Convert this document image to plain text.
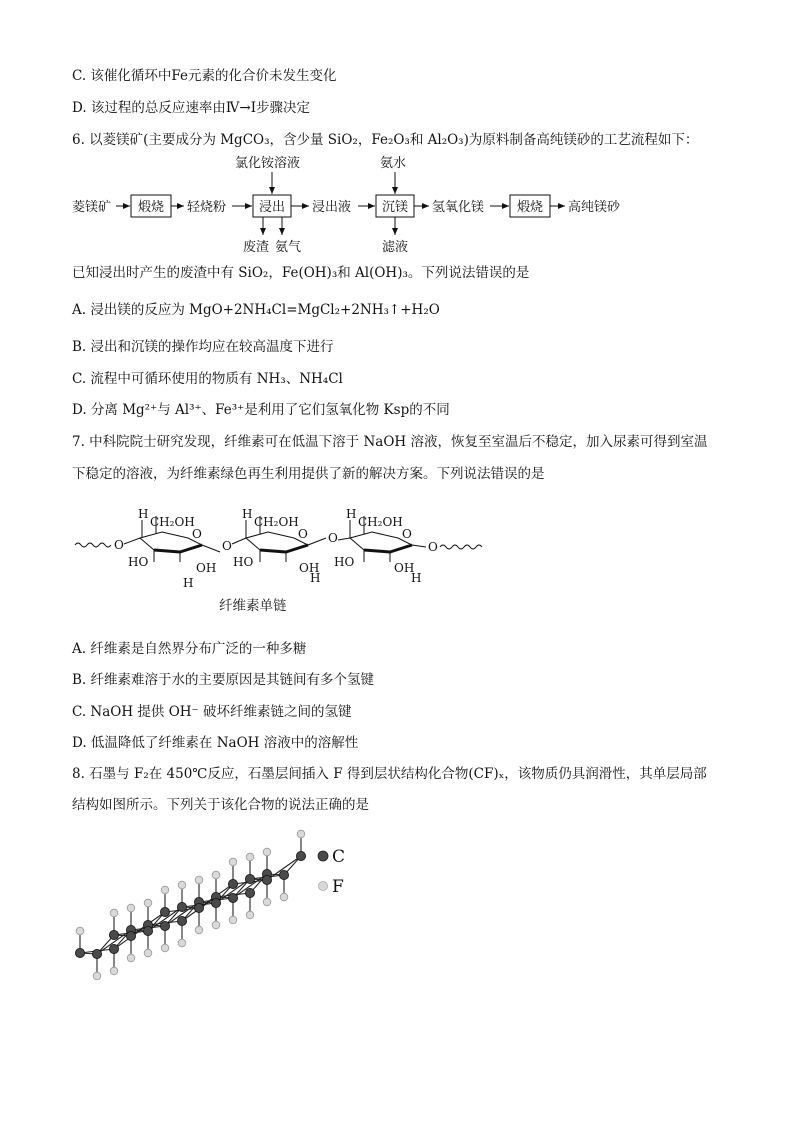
C. 该催化循环中Fe元素的化合价未发生变化
D. 该过程的总反应速率由Ⅳ→Ⅰ步骤决定
6. 以菱镁矿(主要成分为 MgCO₃，含少量 SiO₂，Fe₂O₃和 Al₂O₃)为原料制备高纯镁砂的工艺流程如下：
菱镁矿 煅烧 轻烧粉	浸出
氯化铵溶液
废渣 氨气
浸出液 沉镁
氨水
滤液
氢氧化镁	煅烧 高纯镁砂
已知浸出时产生的废渣中有 SiO₂，Fe(OH)₃和 Al(OH)₃。下列说法错误的是
A. 浸出镁的反应为 MgO+2NH₄Cl=MgCl₂+2NH₃↑+H₂O
B. 浸出和沉镁的操作均应在较高温度下进行
C. 流程中可循环使用的物质有 NH₃、NH₄Cl
D. 分离 Mg²⁺与 Al³⁺、Fe³⁺是利用了它们氢氧化物 Ksp的不同
7. 中科院院士研究发现，纤维素可在低温下溶于 NaOH 溶液，恢复至室温后不稳定，加入尿素可得到室温
下稳定的溶液，为纤维素绿色再生利用提供了新的解决方案。下列说法错误的是
O
H
CH₂OH
O
HO	OH
H
O
H
CH₂OH
O
HO	OH
H
O
H
CH₂OH
O
HO	OH
H
O
纤维素单链
A. 纤维素是自然界分布广泛的一种多糖
B. 纤维素难溶于水的主要原因是其链间有多个氢键
C. NaOH 提供 OH⁻ 破坏纤维素链之间的氢键
D. 低温降低了纤维素在 NaOH 溶液中的溶解性
8. 石墨与 F₂在 450℃反应，石墨层间插入 F 得到层状结构化合物(CF)ₓ，该物质仍具润滑性，其单层局部
结构如图所示。下列关于该化合物的说法正确的是
C
F
